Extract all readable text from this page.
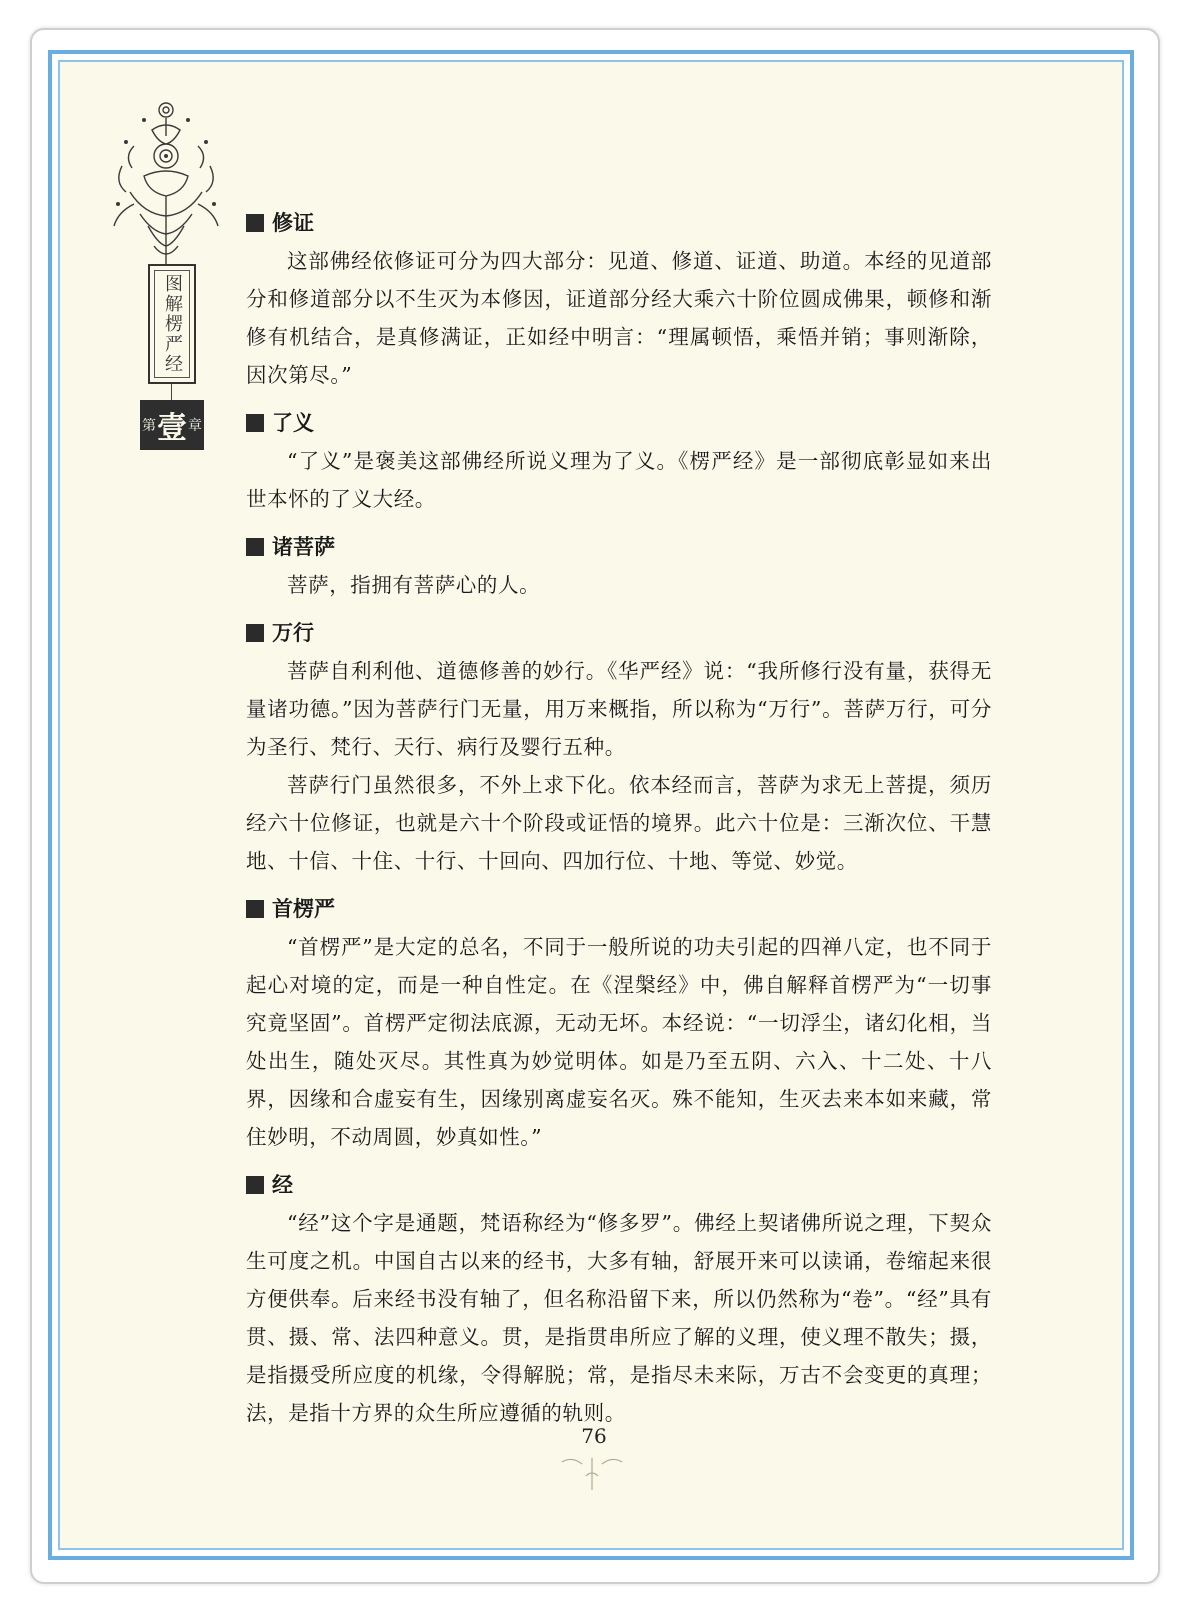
图解楞严经
第 壹 章
修证

这部佛经依修证可分为四大部分：见道、修道、证道、助道。本经的见道部分和修道部分以不生灭为本修因，证道部分经大乘六十阶位圆成佛果，顿修和渐修有机结合，是真修满证，正如经中明言：“理属顿悟，乘悟并销；事则渐除，因次第尽。”

了义

“了义”是褒美这部佛经所说义理为了义。《楞严经》是一部彻底彰显如来出世本怀的了义大经。

诸菩萨

菩萨，指拥有菩萨心的人。

万行

菩萨自利利他、道德修善的妙行。《华严经》说：“我所修行没有量，获得无量诸功德。”因为菩萨行门无量，用万来概指，所以称为“万行”。菩萨万行，可分为圣行、梵行、天行、病行及婴行五种。

菩萨行门虽然很多，不外上求下化。依本经而言，菩萨为求无上菩提，须历经六十位修证，也就是六十个阶段或证悟的境界。此六十位是：三渐次位、干慧地、十信、十住、十行、十回向、四加行位、十地、等觉、妙觉。

首楞严

“首楞严”是大定的总名，不同于一般所说的功夫引起的四禅八定，也不同于起心对境的定，而是一种自性定。在《涅槃经》中，佛自解释首楞严为“一切事究竟坚固”。首楞严定彻法底源，无动无坏。本经说：“一切浮尘，诸幻化相，当处出生，随处灭尽。其性真为妙觉明体。如是乃至五阴、六入、十二处、十八界，因缘和合虚妄有生，因缘别离虚妄名灭。殊不能知，生灭去来本如来藏，常住妙明，不动周圆，妙真如性。”

经

“经”这个字是通题，梵语称经为“修多罗”。佛经上契诸佛所说之理，下契众生可度之机。中国自古以来的经书，大多有轴，舒展开来可以读诵，卷缩起来很方便供奉。后来经书没有轴了，但名称沿留下来，所以仍然称为“卷”。“经”具有贯、摄、常、法四种意义。贯，是指贯串所应了解的义理，使义理不散失；摄，是指摄受所应度的机缘，令得解脱；常，是指尽未来际，万古不会变更的真理；法，是指十方界的众生所应遵循的轨则。

76
